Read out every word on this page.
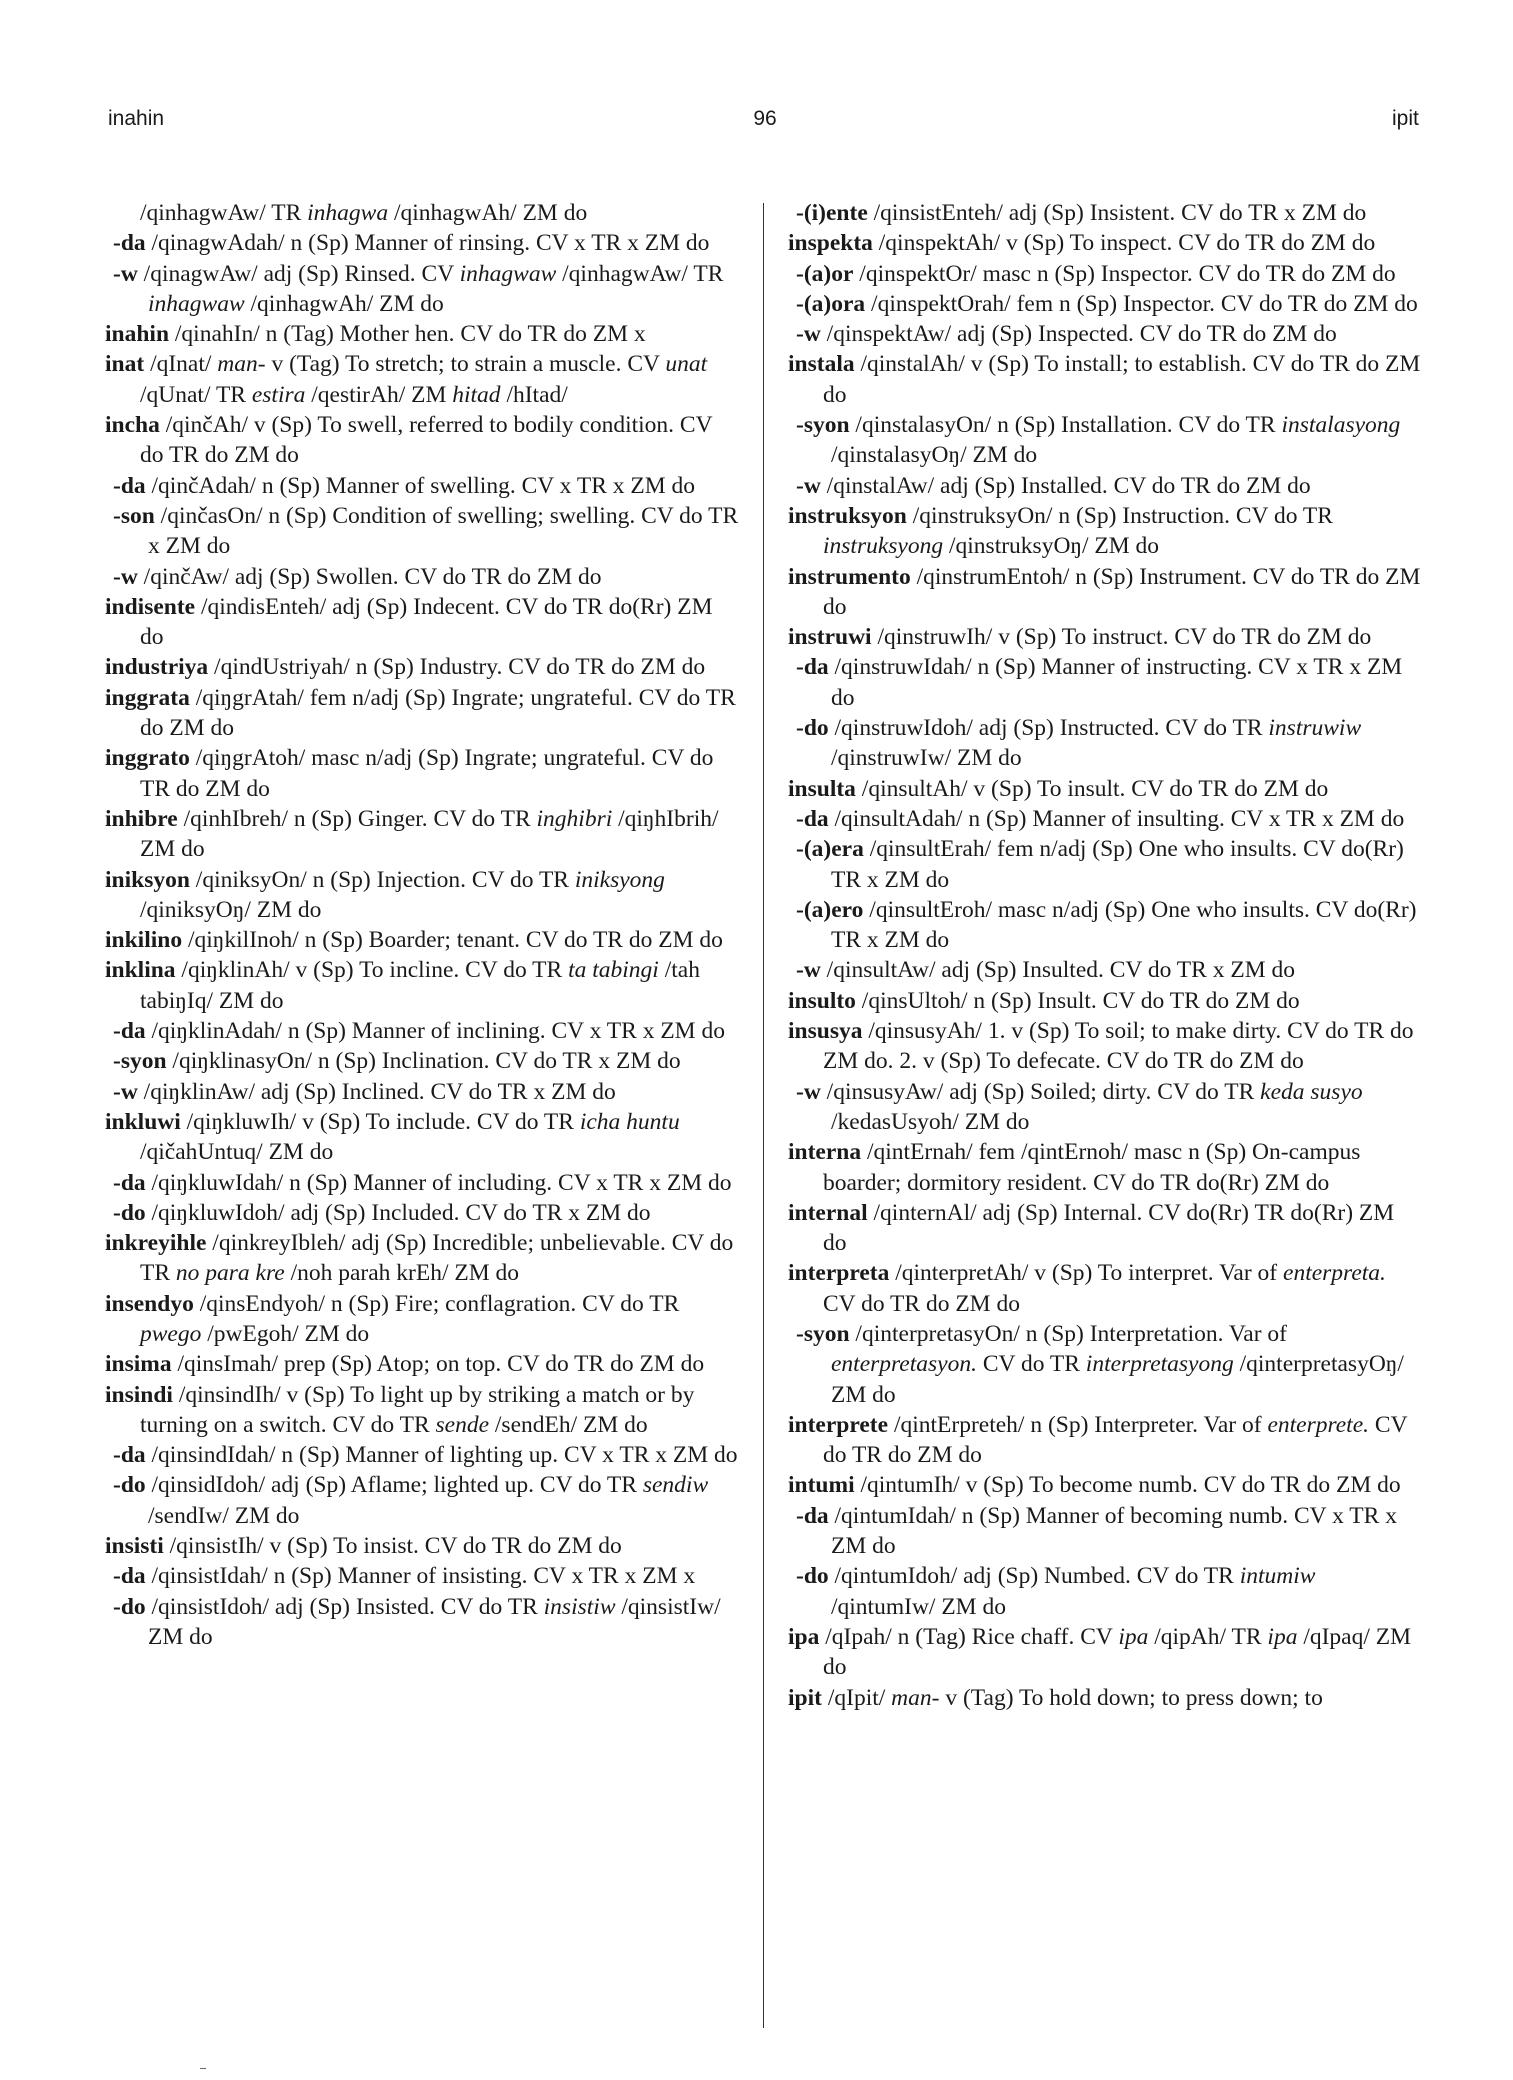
inahin	96	ipit

/qinhagwAw/ TR inhagwa /qinhagwAh/ ZM do

-da /qinagwAdah/ n (Sp) Manner of rinsing. CV x TR x ZM do

-w /qinagwAw/ adj (Sp) Rinsed. CV inhagwaw /qinhagwAw/ TR inhagwaw /qinhagwAh/ ZM do

inahin /qinahIn/ n (Tag) Mother hen. CV do TR do ZM x

inat /qInat/ man- v (Tag) To stretch; to strain a muscle. CV unat /qUnat/ TR estira /qestirAh/ ZM hitad /hItad/

incha /qinčAh/ v (Sp) To swell, referred to bodily condition. CV do TR do ZM do

-da /qinčAdah/ n (Sp) Manner of swelling. CV x TR x ZM do

-son /qinčasOn/ n (Sp) Condition of swelling; swelling. CV do TR x ZM do

-w /qinčAw/ adj (Sp) Swollen. CV do TR do ZM do

indisente /qindisEnteh/ adj (Sp) Indecent. CV do TR do(Rr) ZM do

industriya /qindUstriyah/ n (Sp) Industry. CV do TR do ZM do

inggrata /qiŋgrAtah/ fem n/adj (Sp) Ingrate; ungrateful. CV do TR do ZM do

inggrato /qiŋgrAtoh/ masc n/adj (Sp) Ingrate; ungrateful. CV do TR do ZM do

inhibre /qinhIbreh/ n (Sp) Ginger. CV do TR inghibri /qiŋhIbrih/ ZM do

iniksyon /qiniksyOn/ n (Sp) Injection. CV do TR iniksyong /qiniksyOŋ/ ZM do

inkilino /qiŋkilInoh/ n (Sp) Boarder; tenant. CV do TR do ZM do

inklina /qiŋklinAh/ v (Sp) To incline. CV do TR ta tabingi /tah tabiŋIq/ ZM do

-da /qiŋklinAdah/ n (Sp) Manner of inclining. CV x TR x ZM do

-syon /qiŋklinasyOn/ n (Sp) Inclination. CV do TR x ZM do

-w /qiŋklinAw/ adj (Sp) Inclined. CV do TR x ZM do

inkluwi /qiŋkluwIh/ v (Sp) To include. CV do TR icha huntu /qičahUntuq/ ZM do

-da /qiŋkluwIdah/ n (Sp) Manner of including. CV x TR x ZM do

-do /qiŋkluwIdoh/ adj (Sp) Included. CV do TR x ZM do

inkreyihle /qinkreyIbleh/ adj (Sp) Incredible; unbelievable. CV do TR no para kre /noh parah krEh/ ZM do

insendyo /qinsEndyoh/ n (Sp) Fire; conflagration. CV do TR pwego /pwEgoh/ ZM do

insima /qinsImah/ prep (Sp) Atop; on top. CV do TR do ZM do

insindi /qinsindIh/ v (Sp) To light up by striking a match or by turning on a switch. CV do TR sende /sendEh/ ZM do

-da /qinsindIdah/ n (Sp) Manner of lighting up. CV x TR x ZM do

-do /qinsidIdoh/ adj (Sp) Aflame; lighted up. CV do TR sendiw /sendIw/ ZM do

insisti /qinsistIh/ v (Sp) To insist. CV do TR do ZM do

-da /qinsistIdah/ n (Sp) Manner of insisting. CV x TR x ZM x

-do /qinsistIdoh/ adj (Sp) Insisted. CV do TR insistiw /qinsistIw/ ZM do

-(i)ente /qinsistEnteh/ adj (Sp) Insistent. CV do TR x ZM do

inspekta /qinspektAh/ v (Sp) To inspect. CV do TR do ZM do

-(a)or /qinspektOr/ masc n (Sp) Inspector. CV do TR do ZM do

-(a)ora /qinspektOrah/ fem n (Sp) Inspector. CV do TR do ZM do

-w /qinspektAw/ adj (Sp) Inspected. CV do TR do ZM do

instala /qinstalAh/ v (Sp) To install; to establish. CV do TR do ZM do

-syon /qinstalasyOn/ n (Sp) Installation. CV do TR instalasyong /qinstalasyOŋ/ ZM do

-w /qinstalAw/ adj (Sp) Installed. CV do TR do ZM do

instruksyon /qinstruksyOn/ n (Sp) Instruction. CV do TR instruksyong /qinstruksyOŋ/ ZM do

instrumento /qinstrumEntoh/ n (Sp) Instrument. CV do TR do ZM do

instruwi /qinstruwIh/ v (Sp) To instruct. CV do TR do ZM do

-da /qinstruwIdah/ n (Sp) Manner of instructing. CV x TR x ZM do

-do /qinstruwIdoh/ adj (Sp) Instructed. CV do TR instruwiw /qinstruwIw/ ZM do

insulta /qinsultAh/ v (Sp) To insult. CV do TR do ZM do

-da /qinsultAdah/ n (Sp) Manner of insulting. CV x TR x ZM do

-(a)era /qinsultErah/ fem n/adj (Sp) One who insults. CV do(Rr) TR x ZM do

-(a)ero /qinsultEroh/ masc n/adj (Sp) One who insults. CV do(Rr) TR x ZM do

-w /qinsultAw/ adj (Sp) Insulted. CV do TR x ZM do

insulto /qinsUltoh/ n (Sp) Insult. CV do TR do ZM do

insusya /qinsusyAh/ 1. v (Sp) To soil; to make dirty. CV do TR do ZM do. 2. v (Sp) To defecate. CV do TR do ZM do

-w /qinsusyAw/ adj (Sp) Soiled; dirty. CV do TR keda susyo /kedasUsyoh/ ZM do

interna /qintErnah/ fem /qintErnoh/ masc n (Sp) On-campus boarder; dormitory resident. CV do TR do(Rr) ZM do

internal /qinternAl/ adj (Sp) Internal. CV do(Rr) TR do(Rr) ZM do

interpreta /qinterpretAh/ v (Sp) To interpret. Var of enterpreta. CV do TR do ZM do

-syon /qinterpretasyOn/ n (Sp) Interpretation. Var of enterpretasyon. CV do TR interpretasyong /qinterpretasyOŋ/ ZM do

interprete /qintErpreteh/ n (Sp) Interpreter. Var of enterprete. CV do TR do ZM do

intumi /qintumIh/ v (Sp) To become numb. CV do TR do ZM do

-da /qintumIdah/ n (Sp) Manner of becoming numb. CV x TR x ZM do

-do /qintumIdoh/ adj (Sp) Numbed. CV do TR intumiw /qintumIw/ ZM do

ipa /qIpah/ n (Tag) Rice chaff. CV ipa /qipAh/ TR ipa /qIpaq/ ZM do

ipit /qIpit/ man- v (Tag) To hold down; to press down; to
